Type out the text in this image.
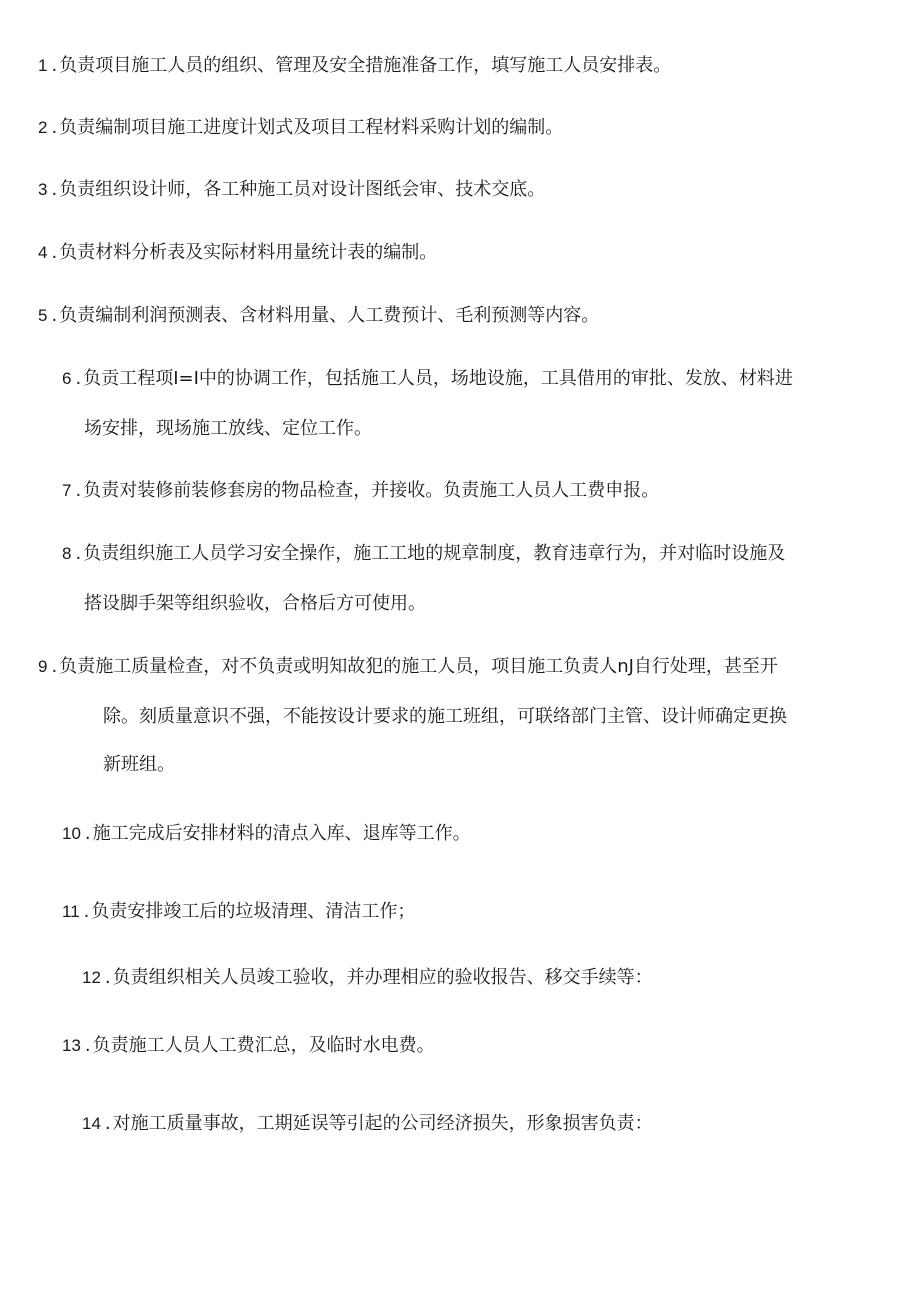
1 . 负责项目施工人员的组织、管理及安全措施准备工作，填写施工人员安排表。
2 . 负责编制项目施工进度计划式及项目工程材料采购计划的编制。
3 . 负责组织设计师，各工种施工员对设计图纸会审、技术交底。
4 . 负责材料分析表及实际材料用量统计表的编制。
5 . 负责编制利润预测表、含材料用量、人工费预计、毛利预测等内容。
6 . 负贡工程项I=I中的协调工作，包括施工人员，场地设施，工具借用的审批、发放、材料进
场安排，现场施工放线、定位工作。
7 . 负责对装修前装修套房的物品检查，并接收。负责施工人员人工费申报。
8 . 负责组织施工人员学习安全操作，施工工地的规章制度，教育违章行为，并对临时设施及
搭设脚手架等组织验收，合格后方可使用。
9 . 负责施工质量检查，对不负责或明知故犯的施工人员，项目施工负责人nJ自行处理，甚至开
除。刻质量意识不强，不能按设计要求的施工班组，可联络部门主管、设计师确定更换
新班组。
10 . 施工完成后安排材料的清点入库、退库等工作。
11 . 负责安排竣工后的垃圾清理、清洁工作；
12 . 负责组织相关人员竣工验收，并办理相应的验收报告、移交手续等：
13 . 负责施工人员人工费汇总，及临时水电费。
14 . 对施工质量事故，工期延误等引起的公司经济损失，形象损害负责：
